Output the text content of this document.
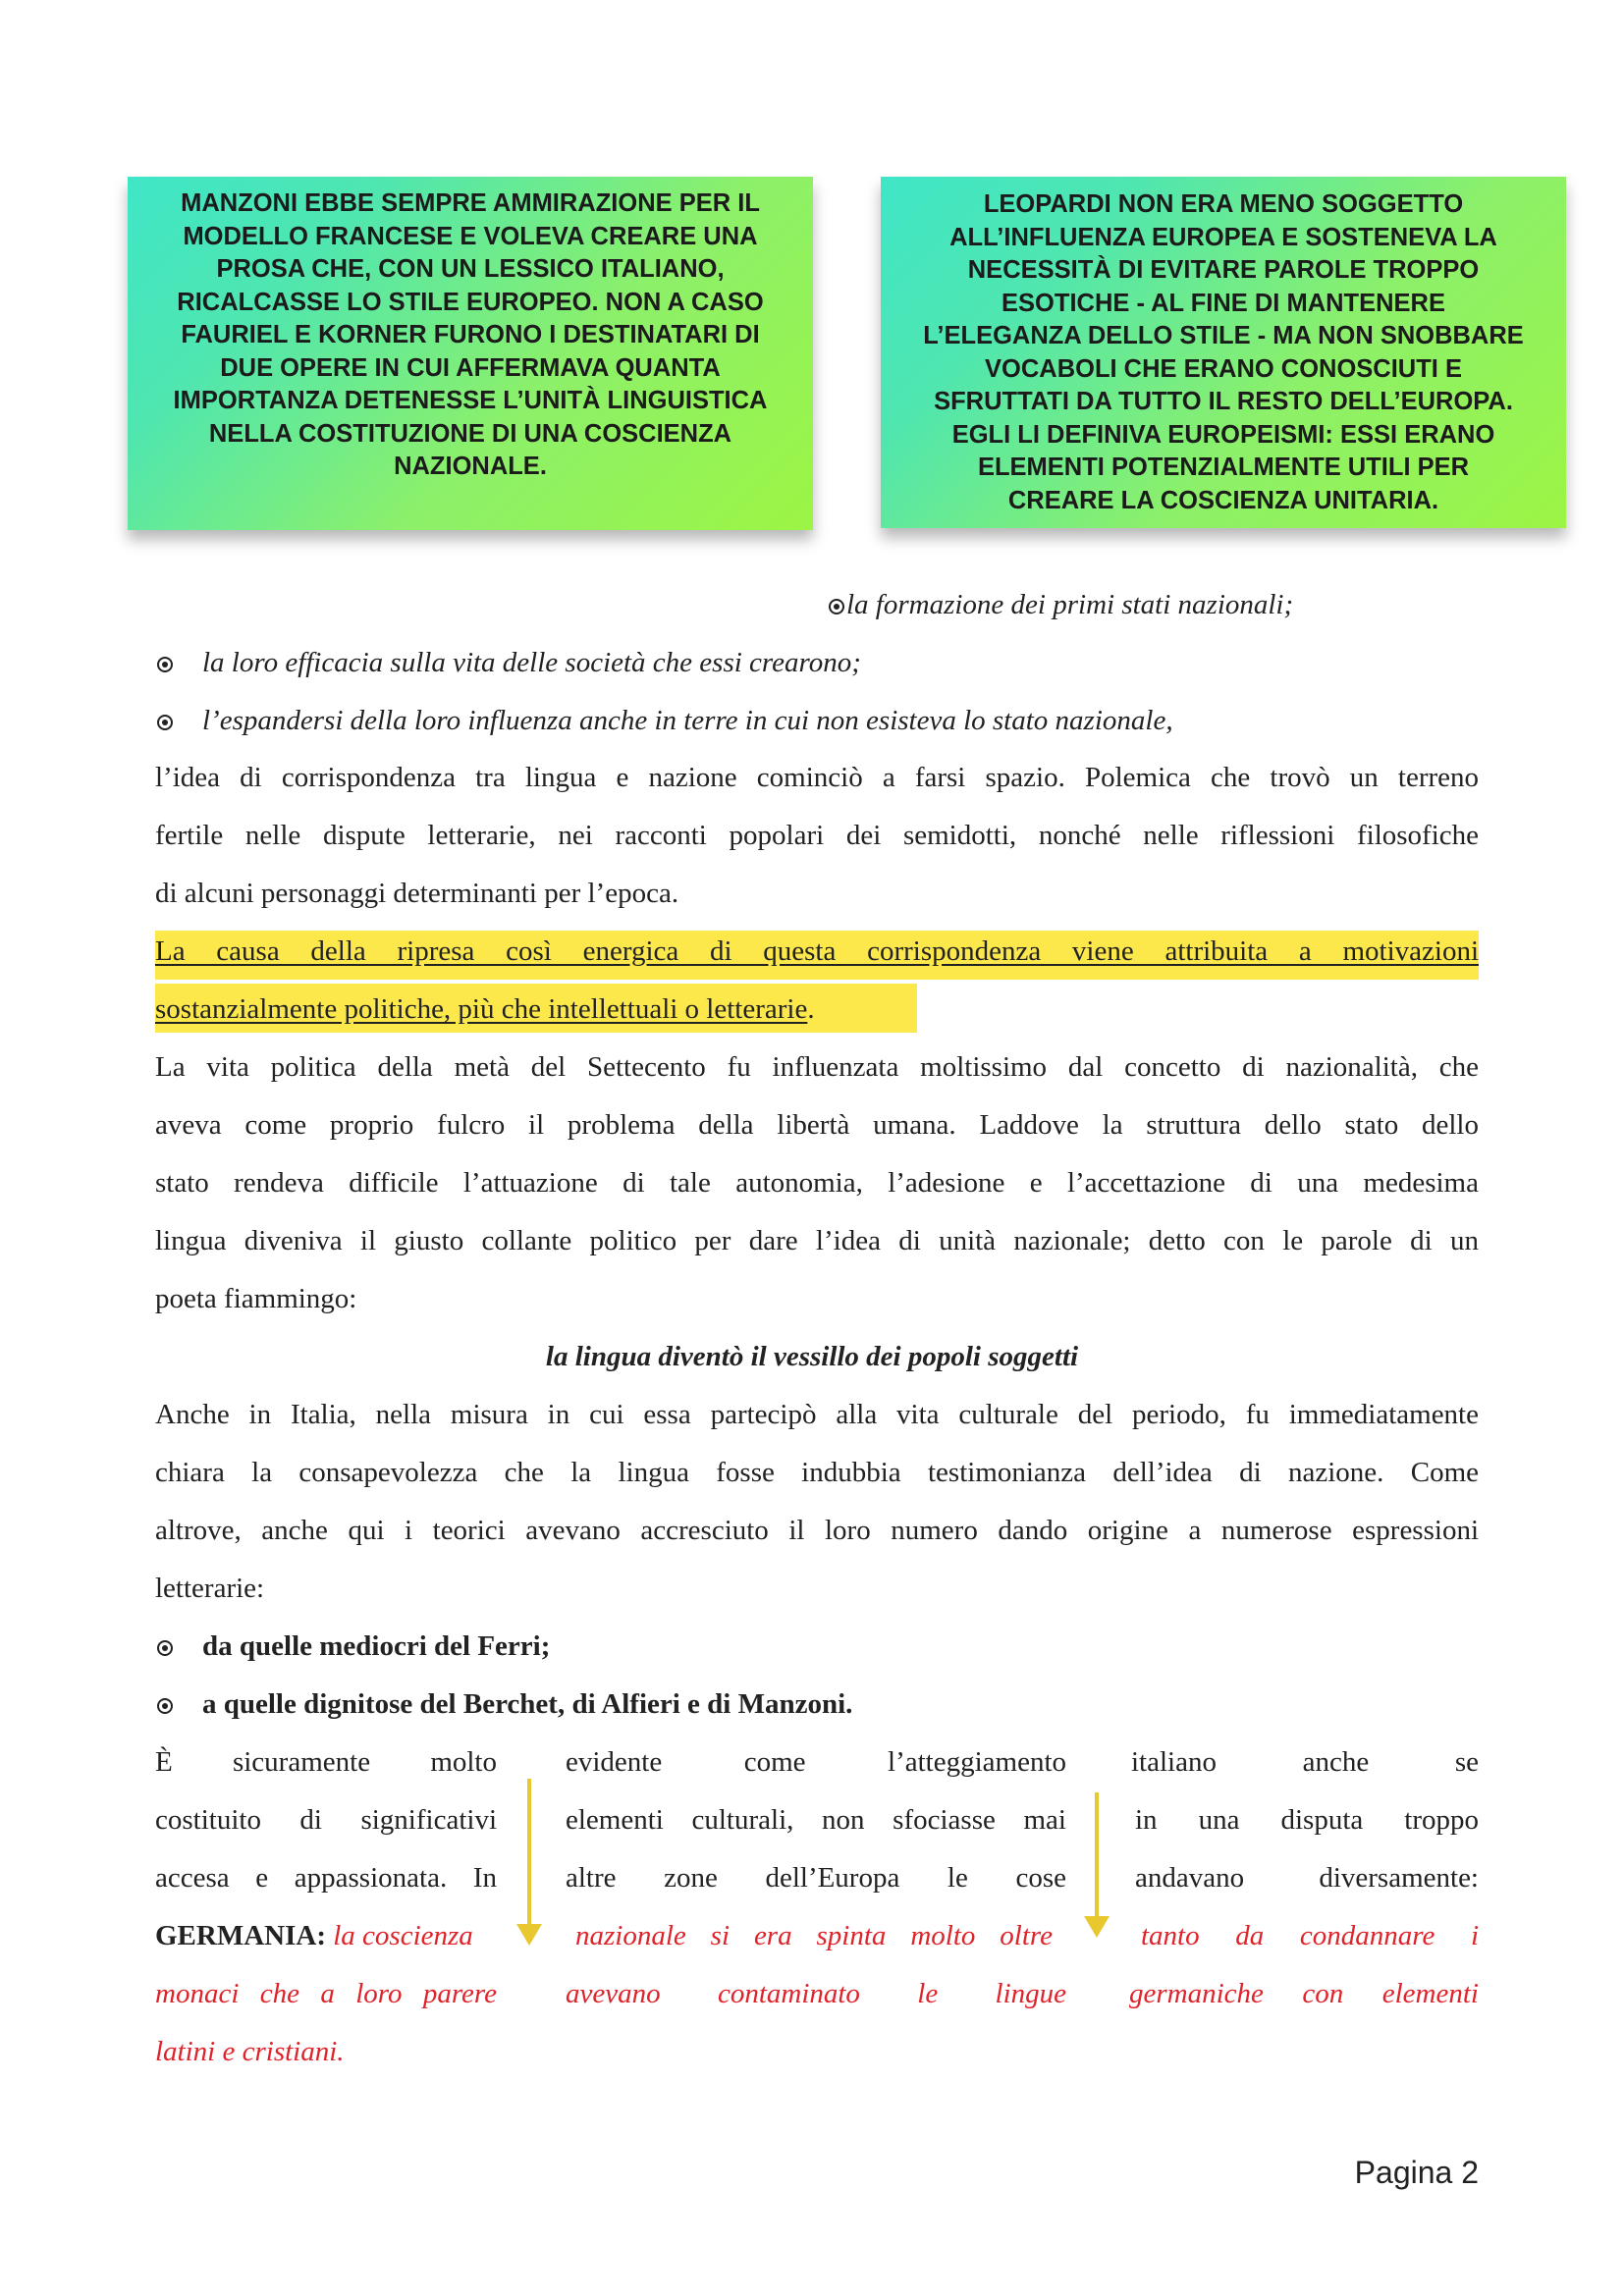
MANZONI EBBE SEMPRE AMMIRAZIONE PER IL
MODELLO FRANCESE E VOLEVA CREARE UNA
PROSA CHE, CON UN LESSICO ITALIANO,
RICALCASSE LO STILE EUROPEO. NON A CASO
FAURIEL E KORNER FURONO I DESTINATARI DI
DUE OPERE IN CUI AFFERMAVA QUANTA
IMPORTANZA DETENESSE L’UNITÀ LINGUISTICA
NELLA COSTITUZIONE DI UNA COSCIENZA
NAZIONALE.
LEOPARDI NON ERA MENO SOGGETTO
ALL’INFLUENZA EUROPEA E SOSTENEVA LA
NECESSITÀ DI EVITARE PAROLE TROPPO
ESOTICHE - AL FINE DI MANTENERE
L’ELEGANZA DELLO STILE - MA NON SNOBBARE
VOCABOLI CHE ERANO CONOSCIUTI E
SFRUTTATI DA TUTTO IL RESTO DELL’EUROPA.
EGLI LI DEFINIVA EUROPEISMI: ESSI ERANO
ELEMENTI POTENZIALMENTE UTILI PER
CREARE LA COSCIENZA UNITARIA.
la formazione dei primi stati nazionali;
la loro efficacia sulla vita delle società che essi crearono;
l’espandersi della loro influenza anche in terre in cui non esisteva lo stato nazionale,
l’idea di corrispondenza tra lingua e nazione cominciò a farsi spazio. Polemica che trovò un terreno
fertile nelle dispute letterarie, nei racconti popolari dei semidotti, nonché nelle riflessioni filosofiche
di alcuni personaggi determinanti per l’epoca.
La causa della ripresa così energica di questa corrispondenza viene attribuita a motivazioni
sostanzialmente politiche, più che intellettuali o letterarie.
La vita politica della metà del Settecento fu influenzata moltissimo dal concetto di nazionalità, che
aveva come proprio fulcro il problema della libertà umana. Laddove la struttura dello stato dello
stato rendeva difficile l’attuazione di tale autonomia, l’adesione e l’accettazione di una medesima
lingua diveniva il giusto collante politico per dare l’idea di unità nazionale; detto con le parole di un
poeta fiammingo:
la lingua diventò il vessillo dei popoli soggetti
Anche in Italia, nella misura in cui essa partecipò alla vita culturale del periodo, fu immediatamente
chiara la consapevolezza che la lingua fosse indubbia testimonianza dell’idea di nazione. Come
altrove, anche qui i teorici avevano accresciuto il loro numero dando origine a numerose espressioni
letterarie:
da quelle mediocri del Ferri;
a quelle dignitose del Berchet, di Alfieri e di Manzoni.
È sicuramente molto
costituito di significativi
accesa e appassionata. In
GERMANIA: la coscienza
monaci che a loro parere
latini e cristiani.
evidente come l’atteggiamento
elementi culturali, non sfociasse mai
altre zone dell’Europa le cose
nazionale si era spinta molto oltre
avevano contaminato le lingue
italiano anche se
in una disputa troppo
andavano diversamente:
tanto da condannare i
germaniche con elementi
Pagina 2
